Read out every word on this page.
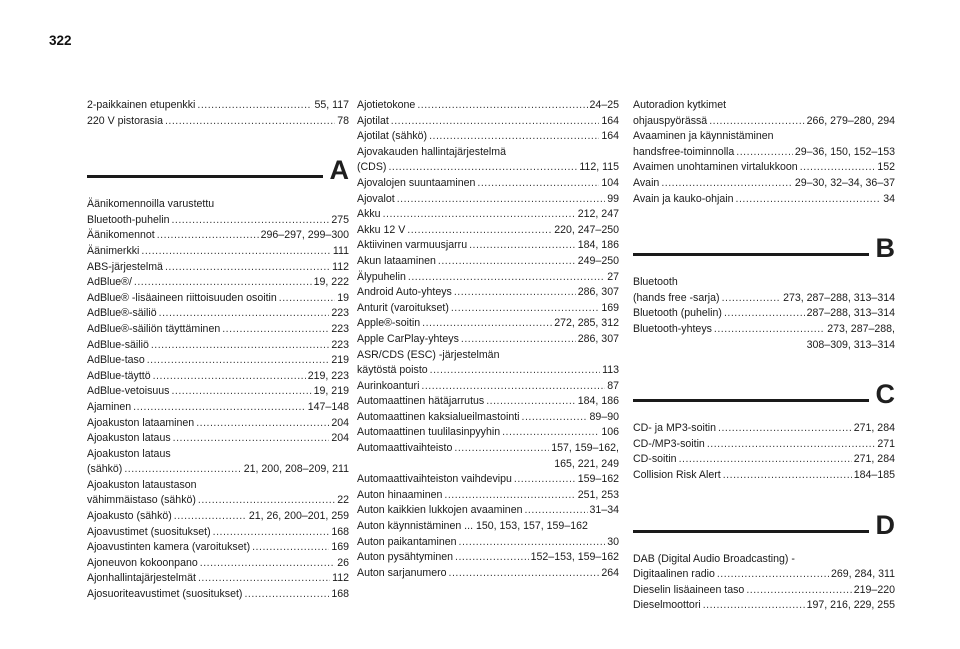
322
2-paikkainen etupenkki .....	55, 117
220 V pistorasia .....	78
A
Äänikomennoilla varustettu
Bluetooth-puhelin .....	275
Äänikomennot .....	296–297, 299–300
Äänimerkki .....	111
ABS-järjestelmä .....	112
AdBlue®/ .....	19, 222
AdBlue® -lisäaineen riittoisuuden osoitin .....	19
AdBlue®-säiliö .....	223
AdBlue®-säiliön täyttäminen .....	223
AdBlue-säiliö .....	223
AdBlue-taso .....	219
AdBlue-täyttö .....	219, 223
AdBlue-vetoisuus .....	19, 219
Ajaminen .....	147–148
Ajoakuston lataaminen .....	204
Ajoakuston lataus .....	204
Ajoakuston lataus
(sähkö) .....	21, 200, 208–209, 211
Ajoakuston lataustason
vähimmäistaso (sähkö) .....	22
Ajoakusto (sähkö) .....	21, 26, 200–201, 259
Ajoavustimet (suositukset) .....	168
Ajoavustinten kamera (varoitukset) .....	169
Ajoneuvon kokoonpano .....	26
Ajonhallintajärjestelmät .....	112
Ajosuoriteavustimet (suositukset) .....	168
Ajotietokone .....	24–25
Ajotilat .....	164
Ajotilat (sähkö) .....	164
Ajovakauden hallintajärjestelmä
(CDS) .....	112, 115
Ajovalojen suuntaaminen .....	104
Ajovalot .....	99
Akku .....	212, 247
Akku 12 V .....	220, 247–250
Aktiivinen varmuusjarru .....	184, 186
Akun lataaminen .....	249–250
Älypuhelin .....	27
Android Auto-yhteys .....	286, 307
Anturit (varoitukset) .....	169
Apple®-soitin .....	272, 285, 312
Apple CarPlay-yhteys .....	286, 307
ASR/CDS (ESC) -järjestelmän
käytöstä poisto .....	113
Aurinkoanturi .....	87
Automaattinen hätäjarrutus .....	184, 186
Automaattinen kaksialueilmastointi .....	89–90
Automaattinen tuulilasinpyyhin .....	106
Automaattivaihteisto .....	157, 159–162,
165, 221, 249
Automaattivaihteiston vaihdevipu .....	159–162
Auton hinaaminen .....	251, 253
Auton kaikkien lukkojen avaaminen .....	31–34
Auton käynnistäminen ... 150, 153, 157, 159–162
Auton paikantaminen .....	30
Auton pysähtyminen .....	152–153, 159–162
Auton sarjanumero .....	264
Autoradion kytkimet
ohjauspyörässä .....	266, 279–280, 294
Avaaminen ja käynnistäminen
handsfree-toiminnolla .....	29–36, 150, 152–153
Avaimen unohtaminen virtalukkoon .....	152
Avain .....	29–30, 32–34, 36–37
Avain ja kauko-ohjain .....	34
B
Bluetooth
(hands free -sarja) .....	273, 287–288, 313–314
Bluetooth (puhelin) .....	287–288, 313–314
Bluetooth-yhteys .....	273, 287–288,
308–309, 313–314
C
CD- ja MP3-soitin .....	271, 284
CD-/MP3-soitin .....	271
CD-soitin .....	271, 284
Collision Risk Alert .....	184–185
D
DAB (Digital Audio Broadcasting) -
Digitaalinen radio .....	269, 284, 311
Dieselin lisäaineen taso .....	219–220
Dieselmoottori .....	197, 216, 229, 255
